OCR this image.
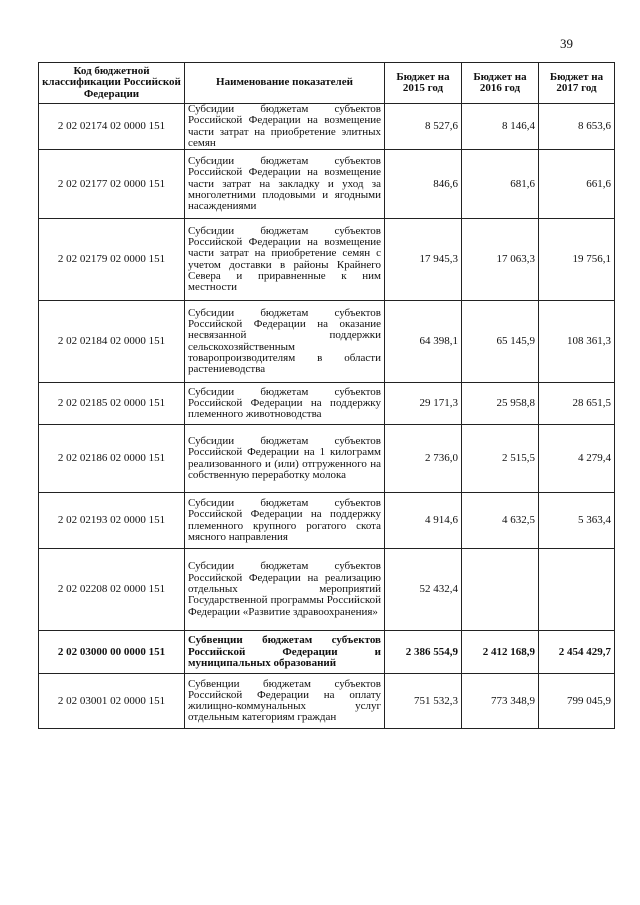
39
Код бюджетной классификации Российской Федерации	Наименование показателей	Бюджет на 2015 год	Бюджет на 2016 год	Бюджет на 2017 год
2 02 02174 02 0000 151	Субсидии бюджетам субъектов Российской Федерации на возмещение части затрат на приобретение элитных семян	8 527,6	8 146,4	8 653,6
2 02 02177 02 0000 151	Субсидии бюджетам субъектов Российской Федерации на возмещение части затрат на закладку и уход за многолетними плодовыми и ягодными насаждениями	846,6	681,6	661,6
2 02 02179 02 0000 151	Субсидии бюджетам субъектов Российской Федерации на возмещение части затрат на приобретение семян с учетом доставки в районы Крайнего Севера и приравненные к ним местности	17 945,3	17 063,3	19 756,1
2 02 02184 02 0000 151	Субсидии бюджетам субъектов Российской Федерации на оказание несвязанной поддержки сельскохозяйственным товаропроизводителям в области растениеводства	64 398,1	65 145,9	108 361,3
2 02 02185 02 0000 151	Субсидии бюджетам субъектов Российской Федерации на поддержку племенного животноводства	29 171,3	25 958,8	28 651,5
2 02 02186 02 0000 151	Субсидии бюджетам субъектов Российской Федерации на 1 килограмм реализованного и (или) отгруженного на собственную переработку молока	2 736,0	2 515,5	4 279,4
2 02 02193 02 0000 151	Субсидии бюджетам субъектов Российской Федерации на поддержку племенного крупного рогатого скота мясного направления	4 914,6	4 632,5	5 363,4
2 02 02208 02 0000 151	Субсидии бюджетам субъектов Российской Федерации на реализацию отдельных мероприятий Государственной программы Российской Федерации «Развитие здравоохранения»	52 432,4		
2 02 03000 00 0000 151	Субвенции бюджетам субъектов Российской Федерации и муниципальных образований	2 386 554,9	2 412 168,9	2 454 429,7
2 02 03001 02 0000 151	Субвенции бюджетам субъектов Российской Федерации на оплату жилищно-коммунальных услуг отдельным категориям граждан	751 532,3	773 348,9	799 045,9
